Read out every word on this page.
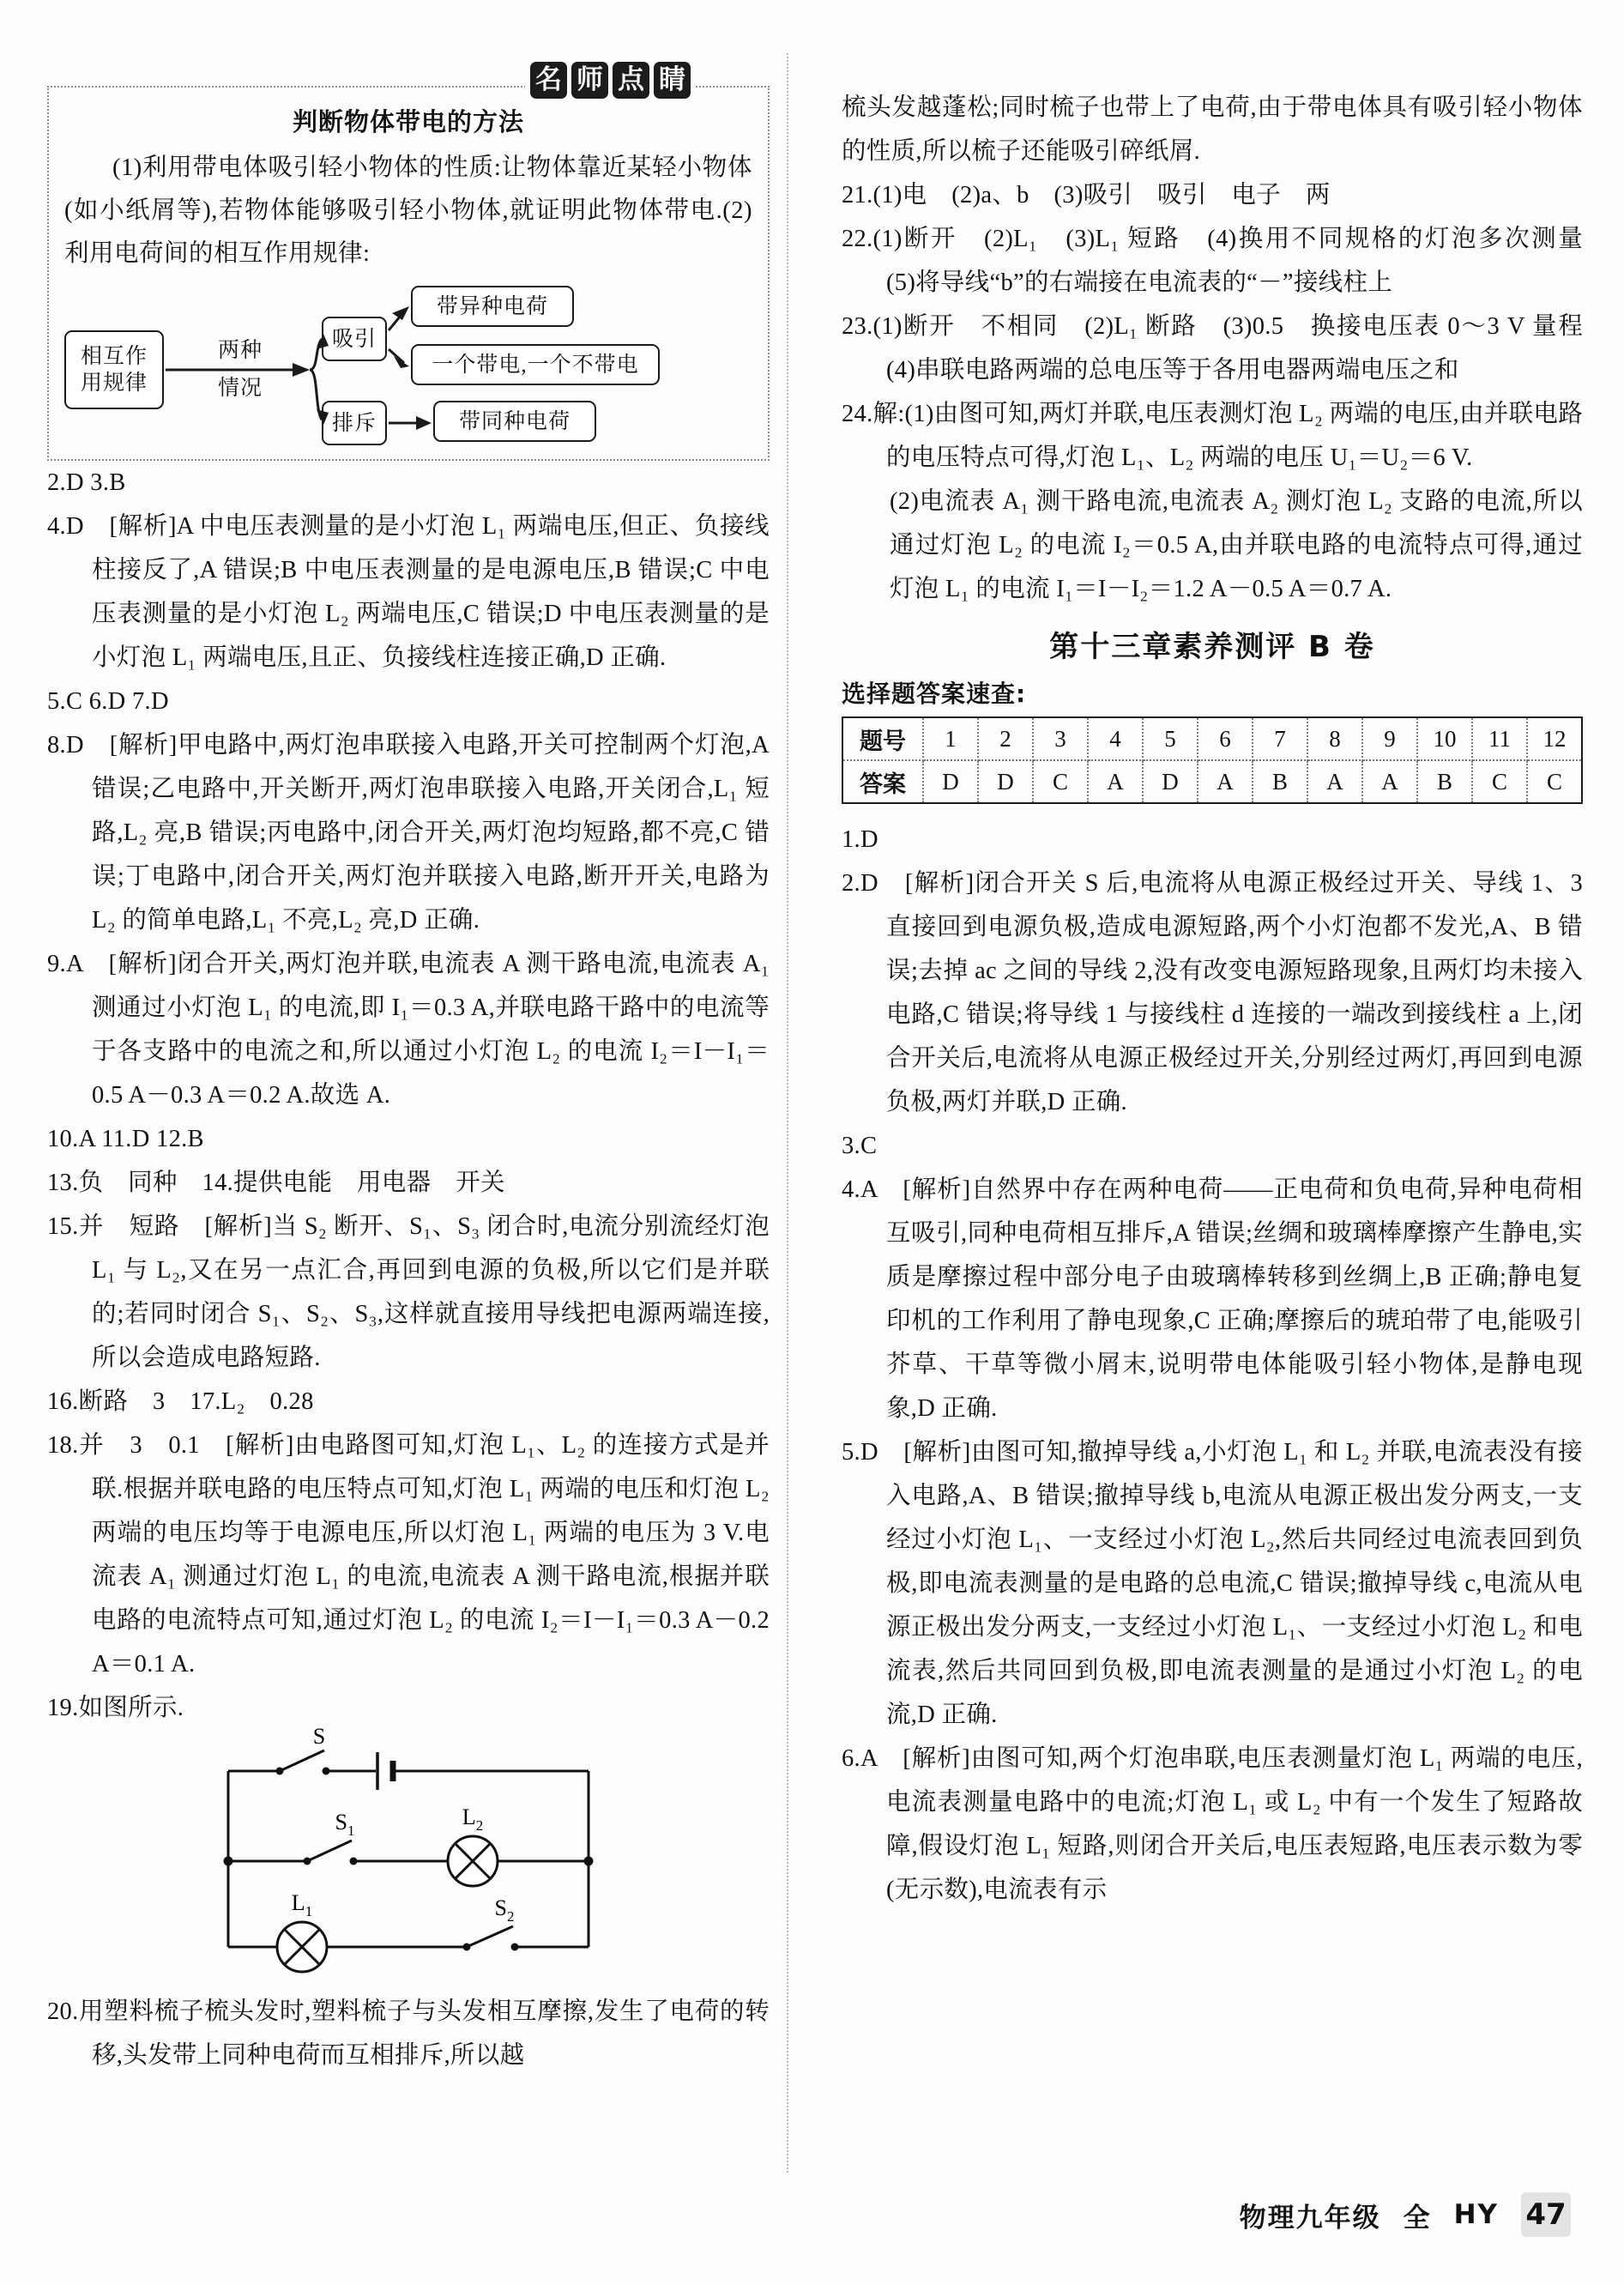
名 师 点 睛
判断物体带电的方法
(1)利用带电体吸引轻小物体的性质:让物体靠近某轻小物体(如小纸屑等),若物体能够吸引轻小物体,就证明此物体带电.(2)利用电荷间的相互作用规律:
相互作
用规律
两种
情况
吸引
排斥
带异种电荷
一个带电,一个不带电
带同种电荷

2.D 3.B

4.D　[解析]A 中电压表测量的是小灯泡 L₁ 两端电压,但正、负接线柱接反了,A 错误;B 中电压表测量的是电源电压,B 错误;C 中电压表测量的是小灯泡 L₂ 两端电压,C 错误;D 中电压表测量的是小灯泡 L₁ 两端电压,且正、负接线柱连接正确,D 正确.

5.C 6.D 7.D

8.D　[解析]甲电路中,两灯泡串联接入电路,开关可控制两个灯泡,A 错误;乙电路中,开关断开,两灯泡串联接入电路,开关闭合,L₁ 短路,L₂ 亮,B 错误;丙电路中,闭合开关,两灯泡均短路,都不亮,C 错误;丁电路中,闭合开关,两灯泡并联接入电路,断开开关,电路为 L₂ 的简单电路,L₁ 不亮,L₂ 亮,D 正确.

9.A　[解析]闭合开关,两灯泡并联,电流表 A 测干路电流,电流表 A₁ 测通过小灯泡 L₁ 的电流,即 I₁＝0.3 A,并联电路干路中的电流等于各支路中的电流之和,所以通过小灯泡 L₂ 的电流 I₂＝I－I₁＝0.5 A－0.3 A＝0.2 A.故选 A.

10.A 11.D 12.B

13.负　同种　14.提供电能　用电器　开关

15.并　短路　[解析]当 S₂ 断开、S₁、S₃ 闭合时,电流分别流经灯泡 L₁ 与 L₂,又在另一点汇合,再回到电源的负极,所以它们是并联的;若同时闭合 S₁、S₂、S₃,这样就直接用导线把电源两端连接,所以会造成电路短路.

16.断路　3　17.L₂　0.28

18.并　3　0.1　[解析]由电路图可知,灯泡 L₁、L₂ 的连接方式是并联.根据并联电路的电压特点可知,灯泡 L₁ 两端的电压和灯泡 L₂ 两端的电压均等于电源电压,所以灯泡 L₁ 两端的电压为 3 V.电流表 A₁ 测通过灯泡 L₁ 的电流,电流表 A 测干路电流,根据并联电路的电流特点可知,通过灯泡 L₂ 的电流 I₂＝I－I₁＝0.3 A－0.2 A＝0.1 A.

19.如图所示.

S
$S_1$
$L_2$
$L_1$	$S_2$

20.用塑料梳子梳头发时,塑料梳子与头发相互摩擦,发生了电荷的转移,头发带上同种电荷而互相排斥,所以越

梳头发越蓬松;同时梳子也带上了电荷,由于带电体具有吸引轻小物体的性质,所以梳子还能吸引碎纸屑.

21.(1)电　(2)a、b　(3)吸引　吸引　电子　两

22.(1)断开　(2)L₁　(3)L₁ 短路　(4)换用不同规格的灯泡多次测量　(5)将导线“b”的右端接在电流表的“－”接线柱上

23.(1)断开　不相同　(2)L₁ 断路　(3)0.5　换接电压表 0～3 V 量程　(4)串联电路两端的总电压等于各用电器两端电压之和

24.解:(1)由图可知,两灯并联,电压表测灯泡 L₂ 两端的电压,由并联电路的电压特点可得,灯泡 L₁、L₂ 两端的电压 U₁＝U₂＝6 V.

(2)电流表 A₁ 测干路电流,电流表 A₂ 测灯泡 L₂ 支路的电流,所以通过灯泡 L₂ 的电流 I₂＝0.5 A,由并联电路的电流特点可得,通过灯泡 L₁ 的电流 I₁＝I－I₂＝1.2 A－0.5 A＝0.7 A.

第十三章素养测评 B 卷
选择题答案速查:
题号	1	2	3	4	5	6	7	8	9	10	11	12
答案	D	D	C	A	D	A	B	A	A	B	C	C

1.D

2.D　[解析]闭合开关 S 后,电流将从电源正极经过开关、导线 1、3 直接回到电源负极,造成电源短路,两个小灯泡都不发光,A、B 错误;去掉 ac 之间的导线 2,没有改变电源短路现象,且两灯均未接入电路,C 错误;将导线 1 与接线柱 d 连接的一端改到接线柱 a 上,闭合开关后,电流将从电源正极经过开关,分别经过两灯,再回到电源负极,两灯并联,D 正确.

3.C

4.A　[解析]自然界中存在两种电荷——正电荷和负电荷,异种电荷相互吸引,同种电荷相互排斥,A 错误;丝绸和玻璃棒摩擦产生静电,实质是摩擦过程中部分电子由玻璃棒转移到丝绸上,B 正确;静电复印机的工作利用了静电现象,C 正确;摩擦后的琥珀带了电,能吸引芥草、干草等微小屑末,说明带电体能吸引轻小物体,是静电现象,D 正确.

5.D　[解析]由图可知,撤掉导线 a,小灯泡 L₁ 和 L₂ 并联,电流表没有接入电路,A、B 错误;撤掉导线 b,电流从电源正极出发分两支,一支经过小灯泡 L₁、一支经过小灯泡 L₂,然后共同经过电流表回到负极,即电流表测量的是电路的总电流,C 错误;撤掉导线 c,电流从电源正极出发分两支,一支经过小灯泡 L₁、一支经过小灯泡 L₂ 和电流表,然后共同回到负极,即电流表测量的是通过小灯泡 L₂ 的电流,D 正确.

6.A　[解析]由图可知,两个灯泡串联,电压表测量灯泡 L₁ 两端的电压,电流表测量电路中的电流;灯泡 L₁ 或 L₂ 中有一个发生了短路故障,假设灯泡 L₁ 短路,则闭合开关后,电压表短路,电压表示数为零(无示数),电流表有示

物理九年级 全 HY 47
